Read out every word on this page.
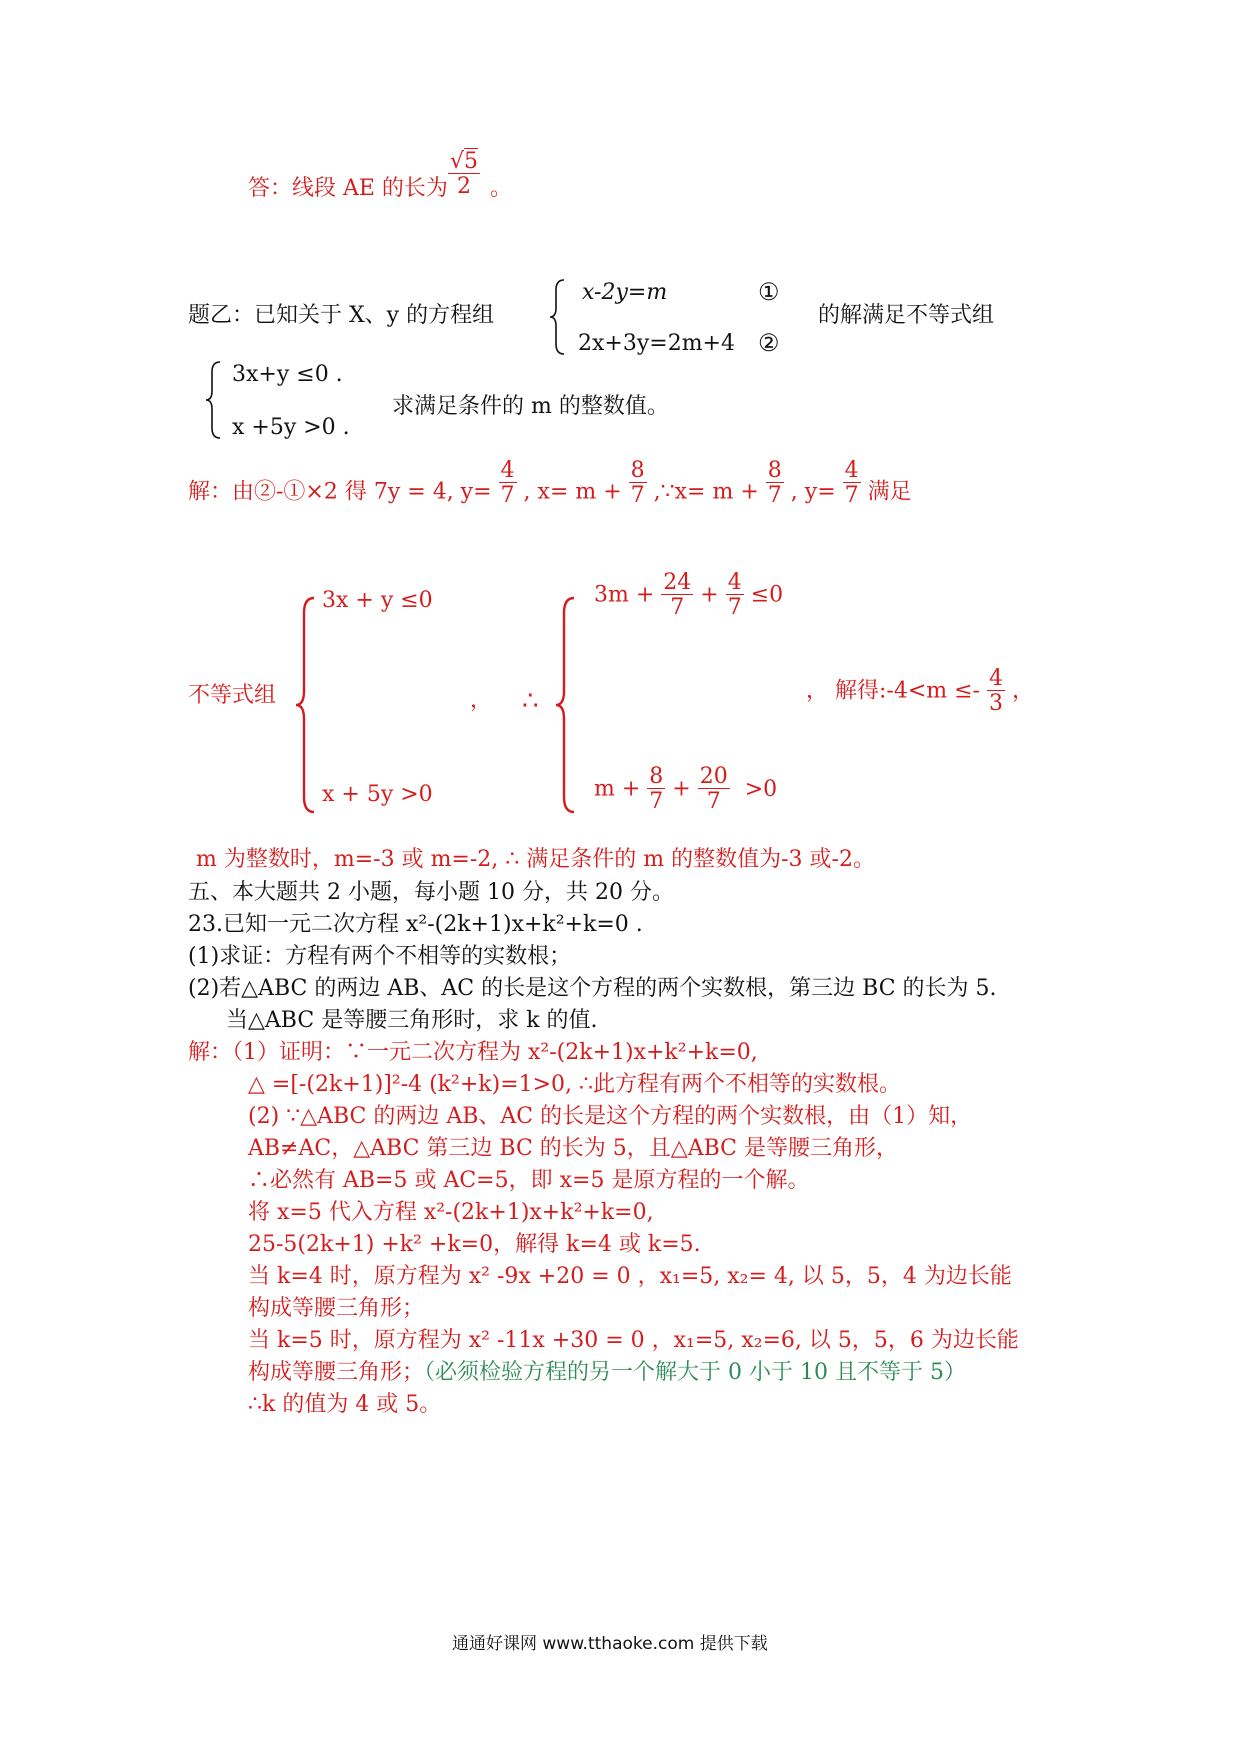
答：线段 AE 的长为 $\frac{√5}{2}$ 。
题乙：已知关于 X、y 的方程组
x-2y=m	①
2x+3y=2m+4 ②
的解满足不等式组
3x+y ≤0 .
x +5y >0 .
求满足条件的 m 的整数值。
解：由②-①×2 得 7y = 4, $y= \frac{4}{7}$ , $x= m + \frac{8}{7}$ ,∵x= $m + \frac{8}{7}$ , $y= \frac{4}{7}$ 满足
不等式组
3x + y ≤0
x + 5y >0
， ∴
$3m + \frac{24}{7} + \frac{4}{7} \le 0$
$m + \frac{8}{7} + \frac{20}{7} >0$
， 解得:-4<m ≤- $\frac{4}{3}$ ，
m 为整数时，m=-3 或 m=-2, ∴ 满足条件的 m 的整数值为-3 或-2。
五、本大题共 2 小题，每小题 10 分，共 20 分。
23.已知一元二次方程 x²-(2k+1)x+k²+k=0 .
(1)求证：方程有两个不相等的实数根；
(2)若△ABC 的两边 AB、AC 的长是这个方程的两个实数根，第三边 BC 的长为 5.
当△ABC 是等腰三角形时，求 k 的值.
解：（1）证明：∵一元二次方程为 x²-(2k+1)x+k²+k=0,
△ =[-(2k+1)]²-4 (k²+k)=1>0, ∴此方程有两个不相等的实数根。
(2) ∵△ABC 的两边 AB、AC 的长是这个方程的两个实数根，由（1）知，
AB≠AC，△ABC 第三边 BC 的长为 5，且△ABC 是等腰三角形，
∴必然有 AB=5 或 AC=5，即 x=5 是原方程的一个解。
将 x=5 代入方程 x²-(2k+1)x+k²+k=0,
25-5(2k+1) +k² +k=0，解得 k=4 或 k=5.
当 k=4 时，原方程为 x² -9x +20 = 0 ，x₁=5, x₂= 4, 以 5，5，4 为边长能
构成等腰三角形；
当 k=5 时，原方程为 x² -11x +30 = 0 ，x₁=5, x₂=6, 以 5，5，6 为边长能
构成等腰三角形；（必须检验方程的另一个解大于 0 小于 10 且不等于 5）
∴k 的值为 4 或 5。
通通好课网 www.tthaoke.com 提供下载
